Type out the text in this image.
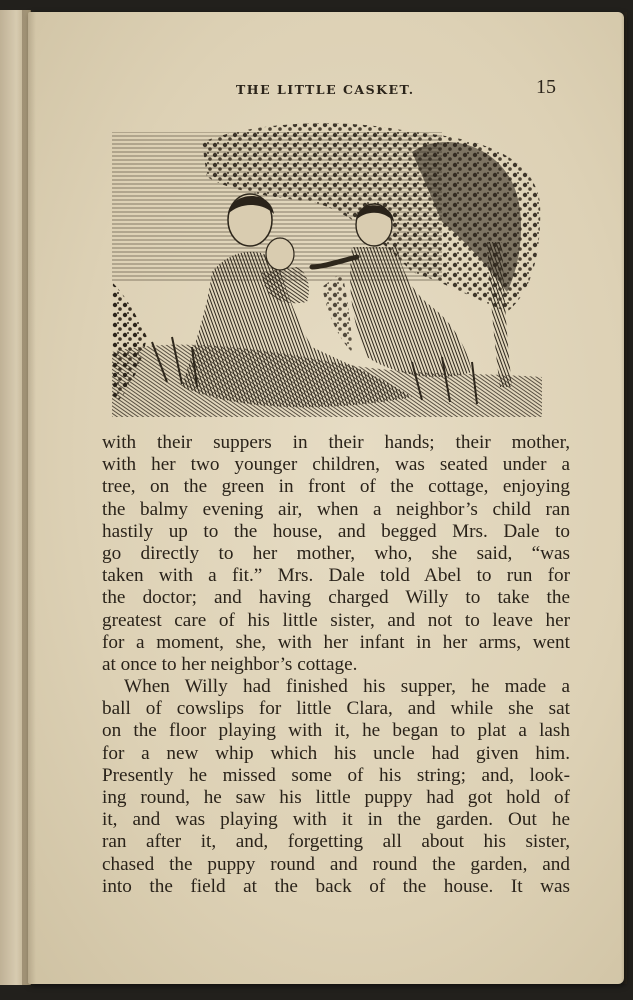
THE LITTLE CASKET.	15
with their suppers in their hands; their mother,
with her two younger children, was seated under a
tree, on the green in front of the cottage, enjoying
the balmy evening air, when a neighbor’s child ran
hastily up to the house, and begged Mrs. Dale to
go directly to her mother, who, she said, “was
taken with a fit.” Mrs. Dale told Abel to run for
the doctor; and having charged Willy to take the
greatest care of his little sister, and not to leave her
for a moment, she, with her infant in her arms, went
at once to her neighbor’s cottage.
When Willy had finished his supper, he made a
ball of cowslips for little Clara, and while she sat
on the floor playing with it, he began to plat a lash
for a new whip which his uncle had given him.
Presently he missed some of his string; and, look-
ing round, he saw his little puppy had got hold of
it, and was playing with it in the garden. Out he
ran after it, and, forgetting all about his sister,
chased the puppy round and round the garden, and
into the field at the back of the house. It was
